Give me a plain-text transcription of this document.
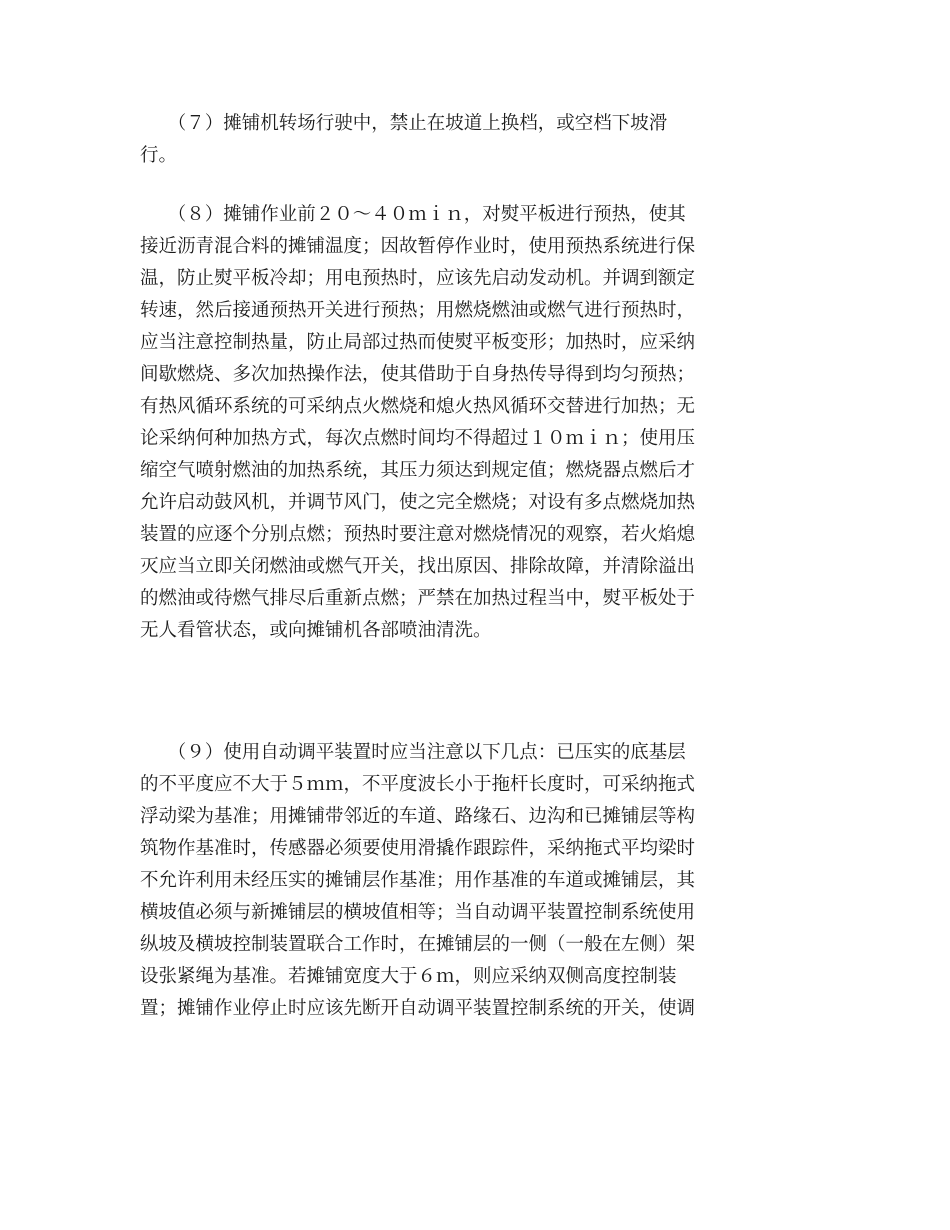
　　（７）摊铺机转场行驶中，禁止在坡道上换档，或空档下坡滑
行。
　　（８）摊铺作业前２０～４０ｍｉｎ，对熨平板进行预热，使其
接近沥青混合料的摊铺温度；因故暂停作业时，使用预热系统进行保
温，防止熨平板冷却；用电预热时，应该先启动发动机。并调到额定
转速，然后接通预热开关进行预热；用燃烧燃油或燃气进行预热时，
应当注意控制热量，防止局部过热而使熨平板变形；加热时，应采纳
间歇燃烧、多次加热操作法，使其借助于自身热传导得到均匀预热；
有热风循环系统的可采纳点火燃烧和熄火热风循环交替进行加热；无
论采纳何种加热方式，每次点燃时间均不得超过１０ｍｉｎ；使用压
缩空气喷射燃油的加热系统，其压力须达到规定值；燃烧器点燃后才
允许启动鼓风机，并调节风门，使之完全燃烧；对设有多点燃烧加热
装置的应逐个分别点燃；预热时要注意对燃烧情况的观察，若火焰熄
灭应当立即关闭燃油或燃气开关，找出原因、排除故障，并清除溢出
的燃油或待燃气排尽后重新点燃；严禁在加热过程当中，熨平板处于
无人看管状态，或向摊铺机各部喷油清洗。
　　（９）使用自动调平装置时应当注意以下几点：已压实的底基层
的不平度应不大于５ｍｍ，不平度波长小于拖杆长度时，可采纳拖式
浮动梁为基准；用摊铺带邻近的车道、路缘石、边沟和已摊铺层等构
筑物作基准时，传感器必须要使用滑撬作跟踪件，采纳拖式平均梁时
不允许利用未经压实的摊铺层作基准；用作基准的车道或摊铺层，其
横坡值必须与新摊铺层的横坡值相等；当自动调平装置控制系统使用
纵坡及横坡控制装置联合工作时，在摊铺层的一侧（一般在左侧）架
设张紧绳为基准。若摊铺宽度大于６ｍ，则应采纳双侧高度控制装
置；摊铺作业停止时应该先断开自动调平装置控制系统的开关，使调
